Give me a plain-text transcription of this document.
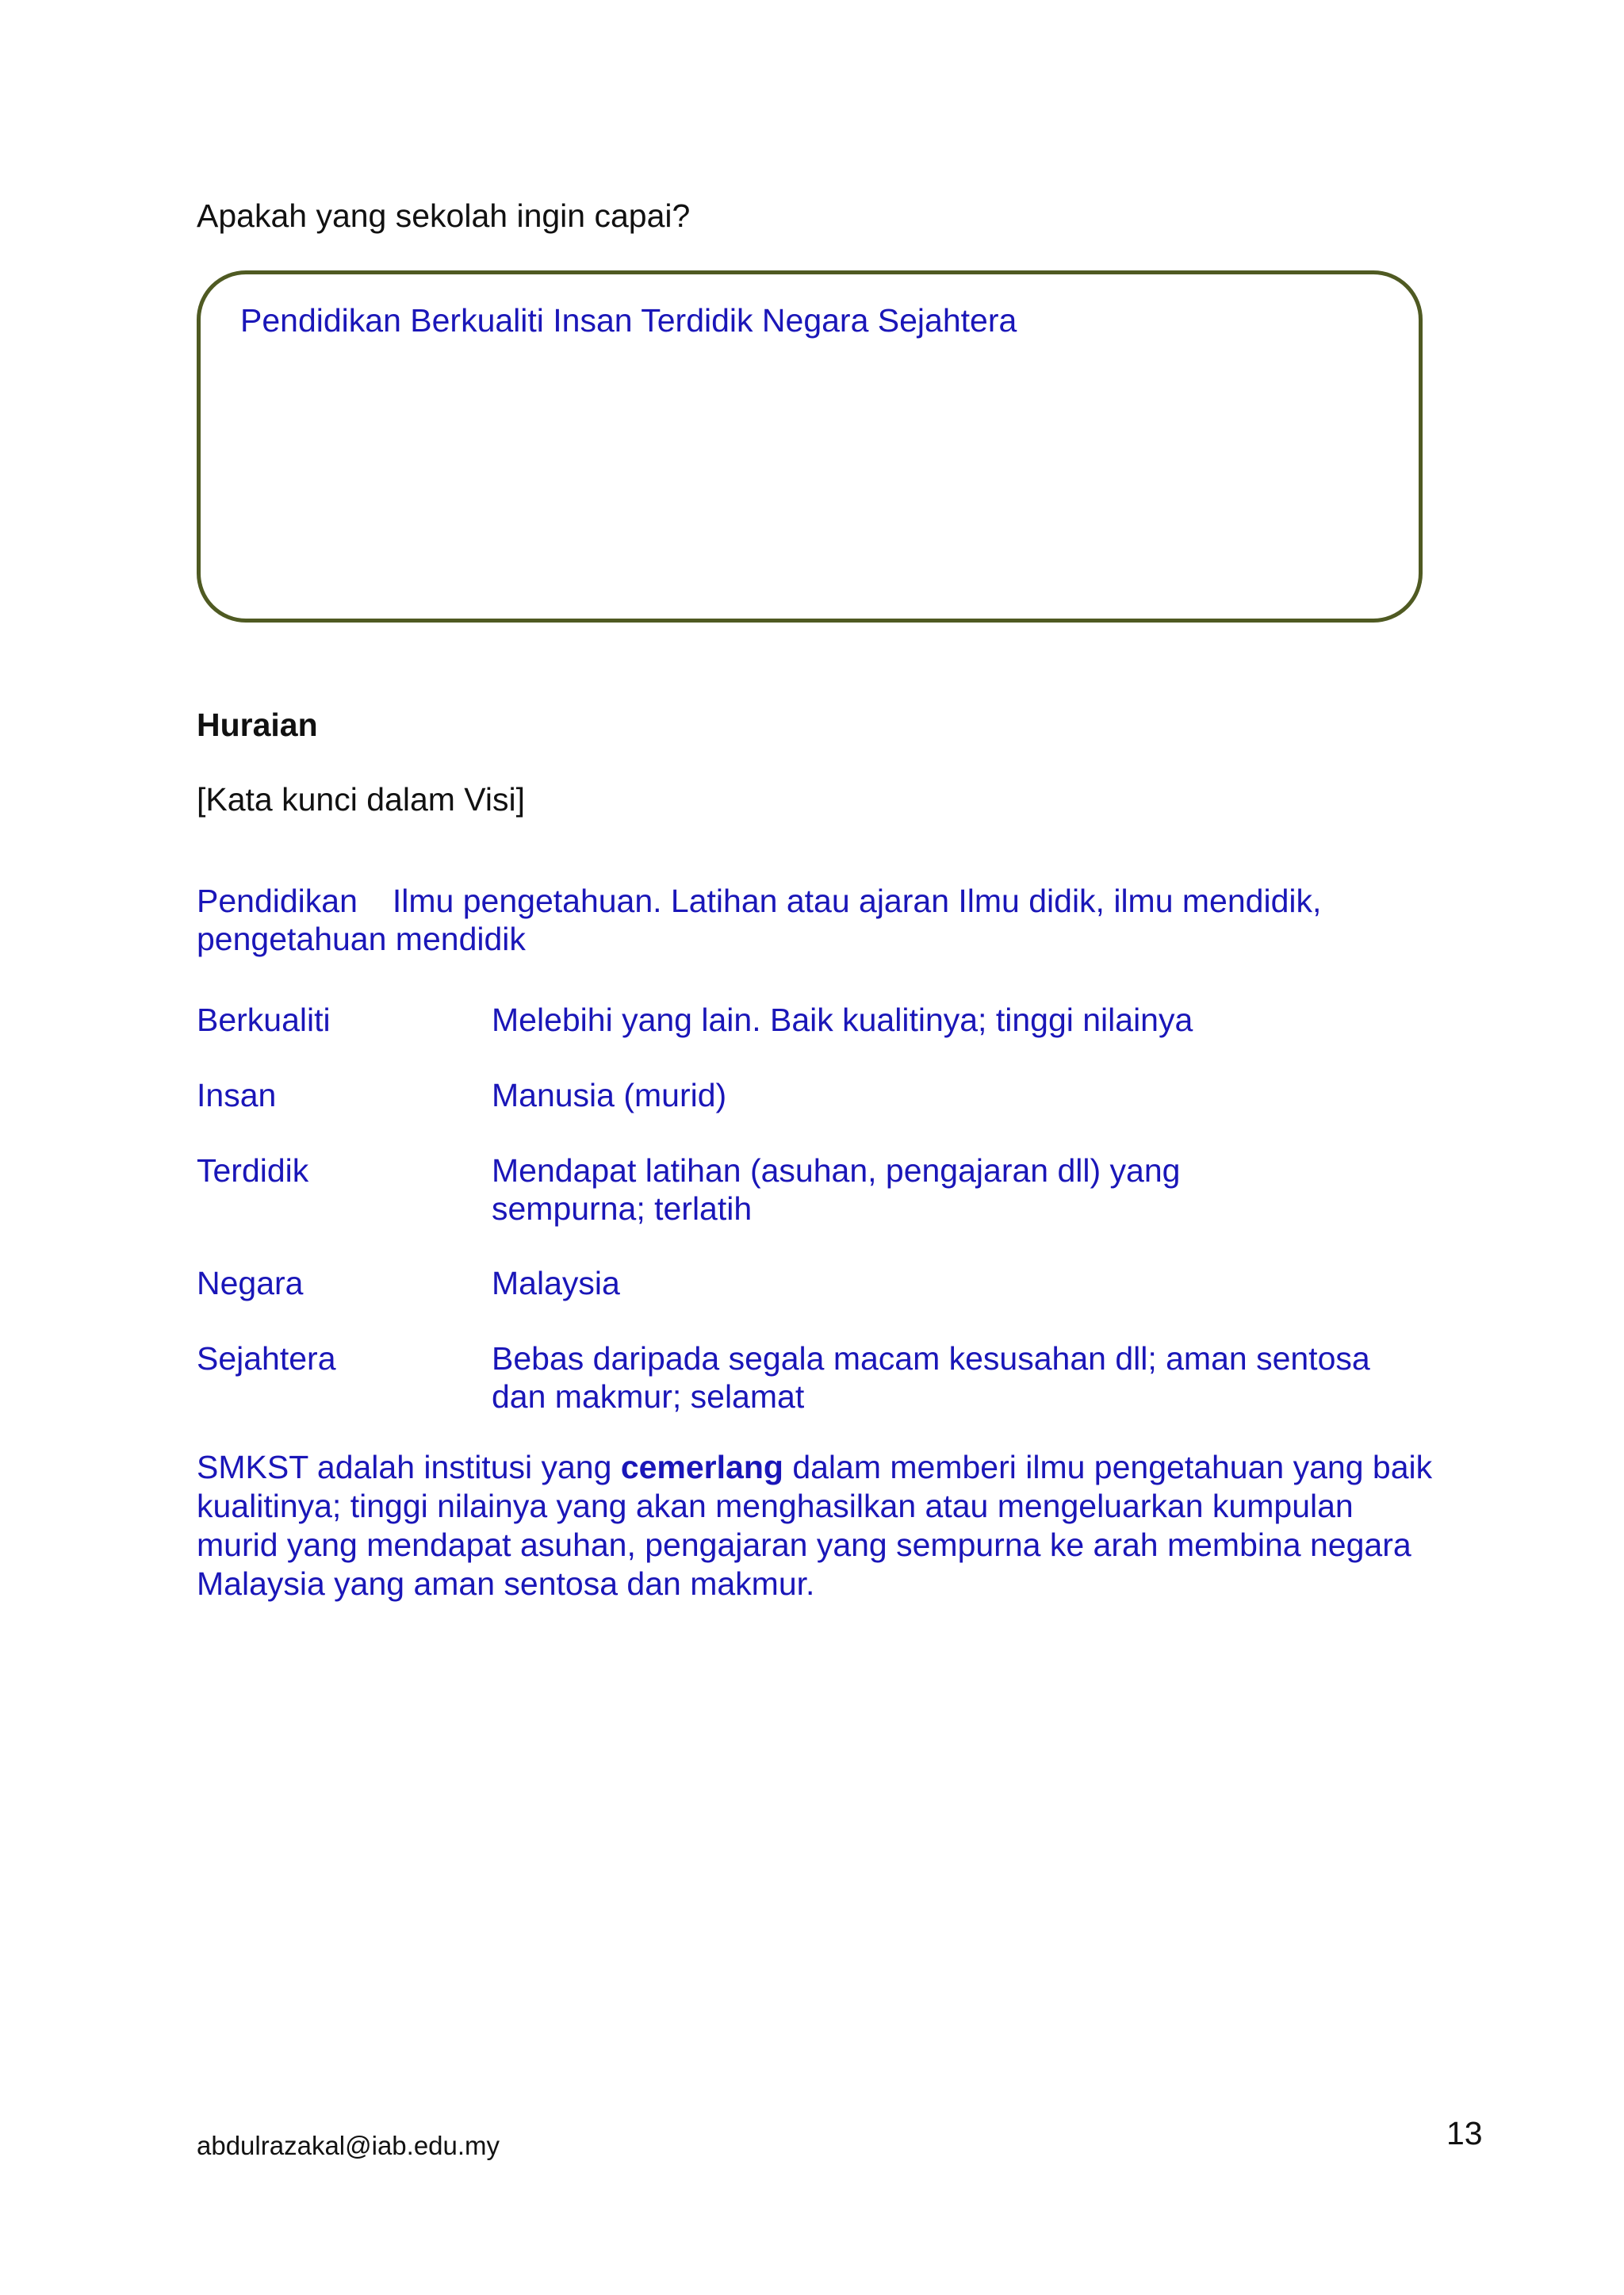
Apakah yang sekolah ingin capai?
Pendidikan Berkualiti Insan Terdidik Negara Sejahtera
Huraian
[Kata kunci dalam Visi]
Pendidikan Ilmu pengetahuan. Latihan atau ajaran Ilmu didik, ilmu mendidik, pengetahuan mendidik
Berkualiti	Melebihi yang lain. Baik kualitinya; tinggi nilainya
Insan	Manusia (murid)
Terdidik	Mendapat latihan (asuhan, pengajaran dll) yang
sempurna; terlatih
Negara	Malaysia
Sejahtera	Bebas daripada segala macam kesusahan dll; aman sentosa
dan makmur; selamat
SMKST adalah institusi yang cemerlang dalam memberi ilmu pengetahuan yang baik kualitinya; tinggi nilainya yang akan menghasilkan atau mengeluarkan kumpulan murid yang mendapat asuhan, pengajaran yang sempurna ke arah membina negara Malaysia yang aman sentosa dan makmur.
abdulrazakal@iab.edu.my	13
